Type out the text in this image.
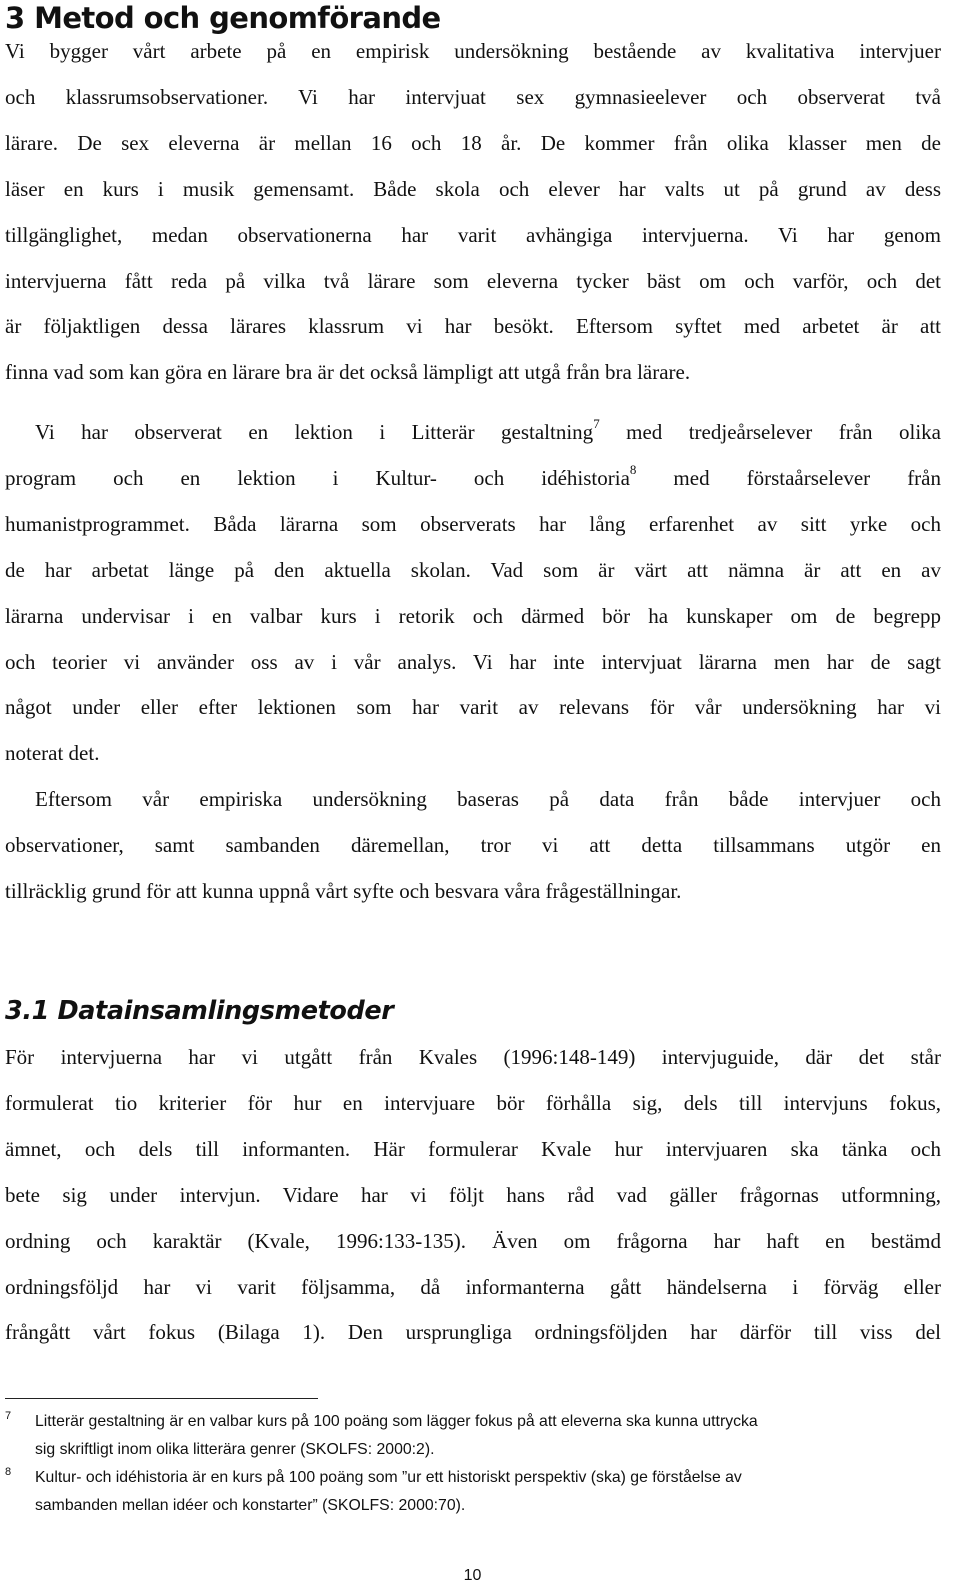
3 Metod och genomförande
Vi bygger vårt arbete på en empirisk undersökning bestående av kvalitativa intervjuer
och klassrumsobservationer. Vi har intervjuat sex gymnasieelever och observerat två
lärare. De sex eleverna är mellan 16 och 18 år. De kommer från olika klasser men de
läser en kurs i musik gemensamt. Både skola och elever har valts ut på grund av dess
tillgänglighet, medan observationerna har varit avhängiga intervjuerna. Vi har genom
intervjuerna fått reda på vilka två lärare som eleverna tycker bäst om och varför, och det
är följaktligen dessa lärares klassrum vi har besökt. Eftersom syftet med arbetet är att
finna vad som kan göra en lärare bra är det också lämpligt att utgå från bra lärare.
Vi har observerat en lektion i Litterär gestaltning$^7$ med tredjeårselever från olika
program och en lektion i Kultur- och idéhistoria$^8$ med förstaårselever från
humanistprogrammet. Båda lärarna som observerats har lång erfarenhet av sitt yrke och
de har arbetat länge på den aktuella skolan. Vad som är värt att nämna är att en av
lärarna undervisar i en valbar kurs i retorik och därmed bör ha kunskaper om de begrepp
och teorier vi använder oss av i vår analys. Vi har inte intervjuat lärarna men har de sagt
något under eller efter lektionen som har varit av relevans för vår undersökning har vi
noterat det.
Eftersom vår empiriska undersökning baseras på data från både intervjuer och
observationer, samt sambanden däremellan, tror vi att detta tillsammans utgör en
tillräcklig grund för att kunna uppnå vårt syfte och besvara våra frågeställningar.
3.1 Datainsamlingsmetoder
För intervjuerna har vi utgått från Kvales (1996:148-149) intervjuguide, där det står
formulerat tio kriterier för hur en intervjuare bör förhålla sig, dels till intervjuns fokus,
ämnet, och dels till informanten. Här formulerar Kvale hur intervjuaren ska tänka och
bete sig under intervjun. Vidare har vi följt hans råd vad gäller frågornas utformning,
ordning och karaktär (Kvale, 1996:133-135). Även om frågorna har haft en bestämd
ordningsföljd har vi varit följsamma, då informanterna gått händelserna i förväg eller
frångått vårt fokus (Bilaga 1). Den ursprungliga ordningsföljden har därför till viss del
7 Litterär gestaltning är en valbar kurs på 100 poäng som lägger fokus på att eleverna ska kunna uttrycka
sig skriftligt inom olika litterära genrer (SKOLFS: 2000:2).
8 Kultur- och idéhistoria är en kurs på 100 poäng som ”ur ett historiskt perspektiv (ska) ge förståelse av
sambanden mellan idéer och konstarter” (SKOLFS: 2000:70).
10
